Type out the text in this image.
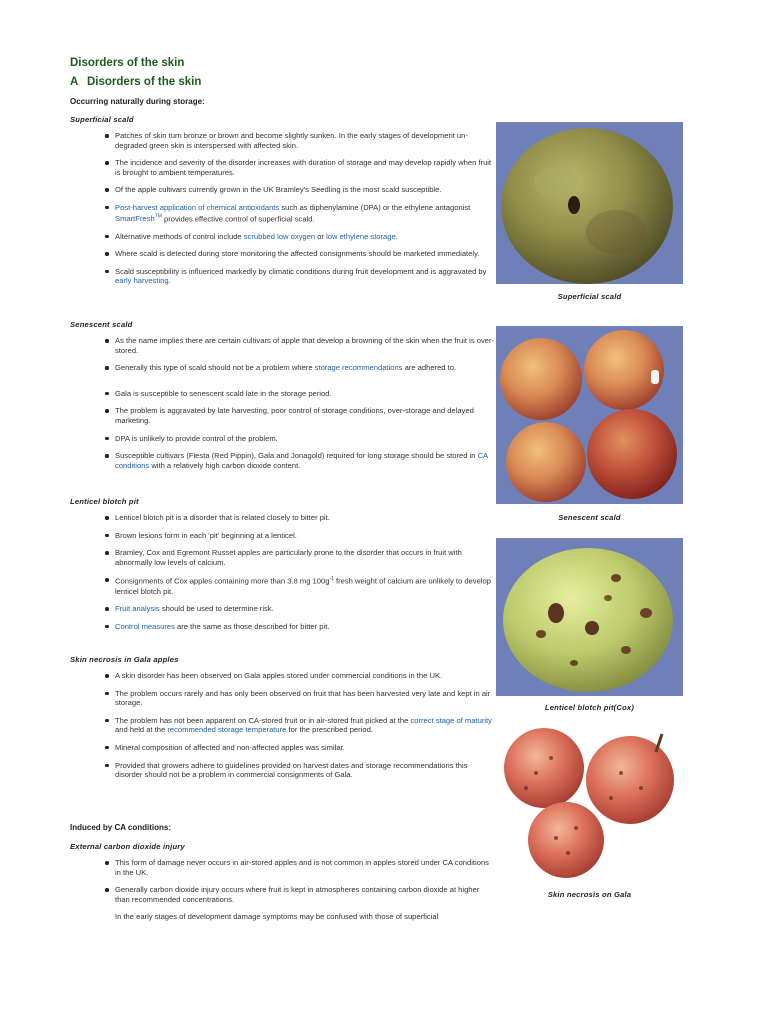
Disorders of the skin
A Disorders of the skin
Occurring naturally during storage:
Superficial scald
Patches of skin turn bronze or brown and become slightly sunken. In the early stages of development un-degraded green skin is interspersed with affected skin.
The incidence and severity of the disorder increases with duration of storage and may develop rapidly when fruit is brought to ambient temperatures.
Of the apple cultivars currently grown in the UK Bramley's Seedling is the most scald susceptible.
Post-harvest application of chemical antioxidants such as diphenylamine (DPA) or the ethylene antagonist SmartFresh™ provides effective control of superficial scald.
Alternative methods of control include scrubbed low oxygen or low ethylene storage.
Where scald is detected during store monitoring the affected consignments should be marketed immediately.
Scald susceptibility is influenced markedly by climatic conditions during fruit development and is aggravated by early harvesting.
Senescent scald
As the name implies there are certain cultivars of apple that develop a browning of the skin when the fruit is over-stored.
Generally this type of scald should not be a problem where storage recommendations are adhered to.
Gala is susceptible to senescent scald late in the storage period.
The problem is aggravated by late harvesting, poor control of storage conditions, over-storage and delayed marketing.
DPA is unlikely to provide control of the problem.
Susceptible cultivars (Fiesta (Red Pippin), Gala and Jonagold) required for long storage should be stored in CA conditions with a relatively high carbon dioxide content.
Lenticel blotch pit
Lenticel blotch pit is a disorder that is related closely to bitter pit.
Brown lesions form in each 'pit' beginning at a lenticel.
Bramley, Cox and Egremont Russet apples are particularly prone to the disorder that occurs in fruit with abnormally low levels of calcium.
Consignments of Cox apples containing more than 3.8 mg $100g^{-1}$ fresh weight of calcium are unlikely to develop lenticel blotch pit.
Fruit analysis should be used to determine risk.
Control measures are the same as those described for bitter pit.
Skin necrosis in Gala apples
A skin disorder has been observed on Gala apples stored under commercial conditions in the UK.
The problem occurs rarely and has only been observed on fruit that has been harvested very late and kept in air storage.
The problem has not been apparent on CA-stored fruit or in air-stored fruit picked at the correct stage of maturity and held at the recommended storage temperature for the prescribed period.
Mineral composition of affected and non-affected apples was similar.
Provided that growers adhere to guidelines provided on harvest dates and storage recommendations this disorder should not be a problem in commercial consignments of Gala.
Induced by CA conditions:
External carbon dioxide injury
This form of damage never occurs in air-stored apples and is not common in apples stored under CA conditions in the UK.
Generally carbon dioxide injury occurs where fruit is kept in atmospheres containing carbon dioxide at higher than recommended concentrations.
In the early stages of development damage symptoms may be confused with those of superficial
Superficial scald
Senescent scald
Lenticel blotch pit(Cox)
Skin necrosis on Gala
